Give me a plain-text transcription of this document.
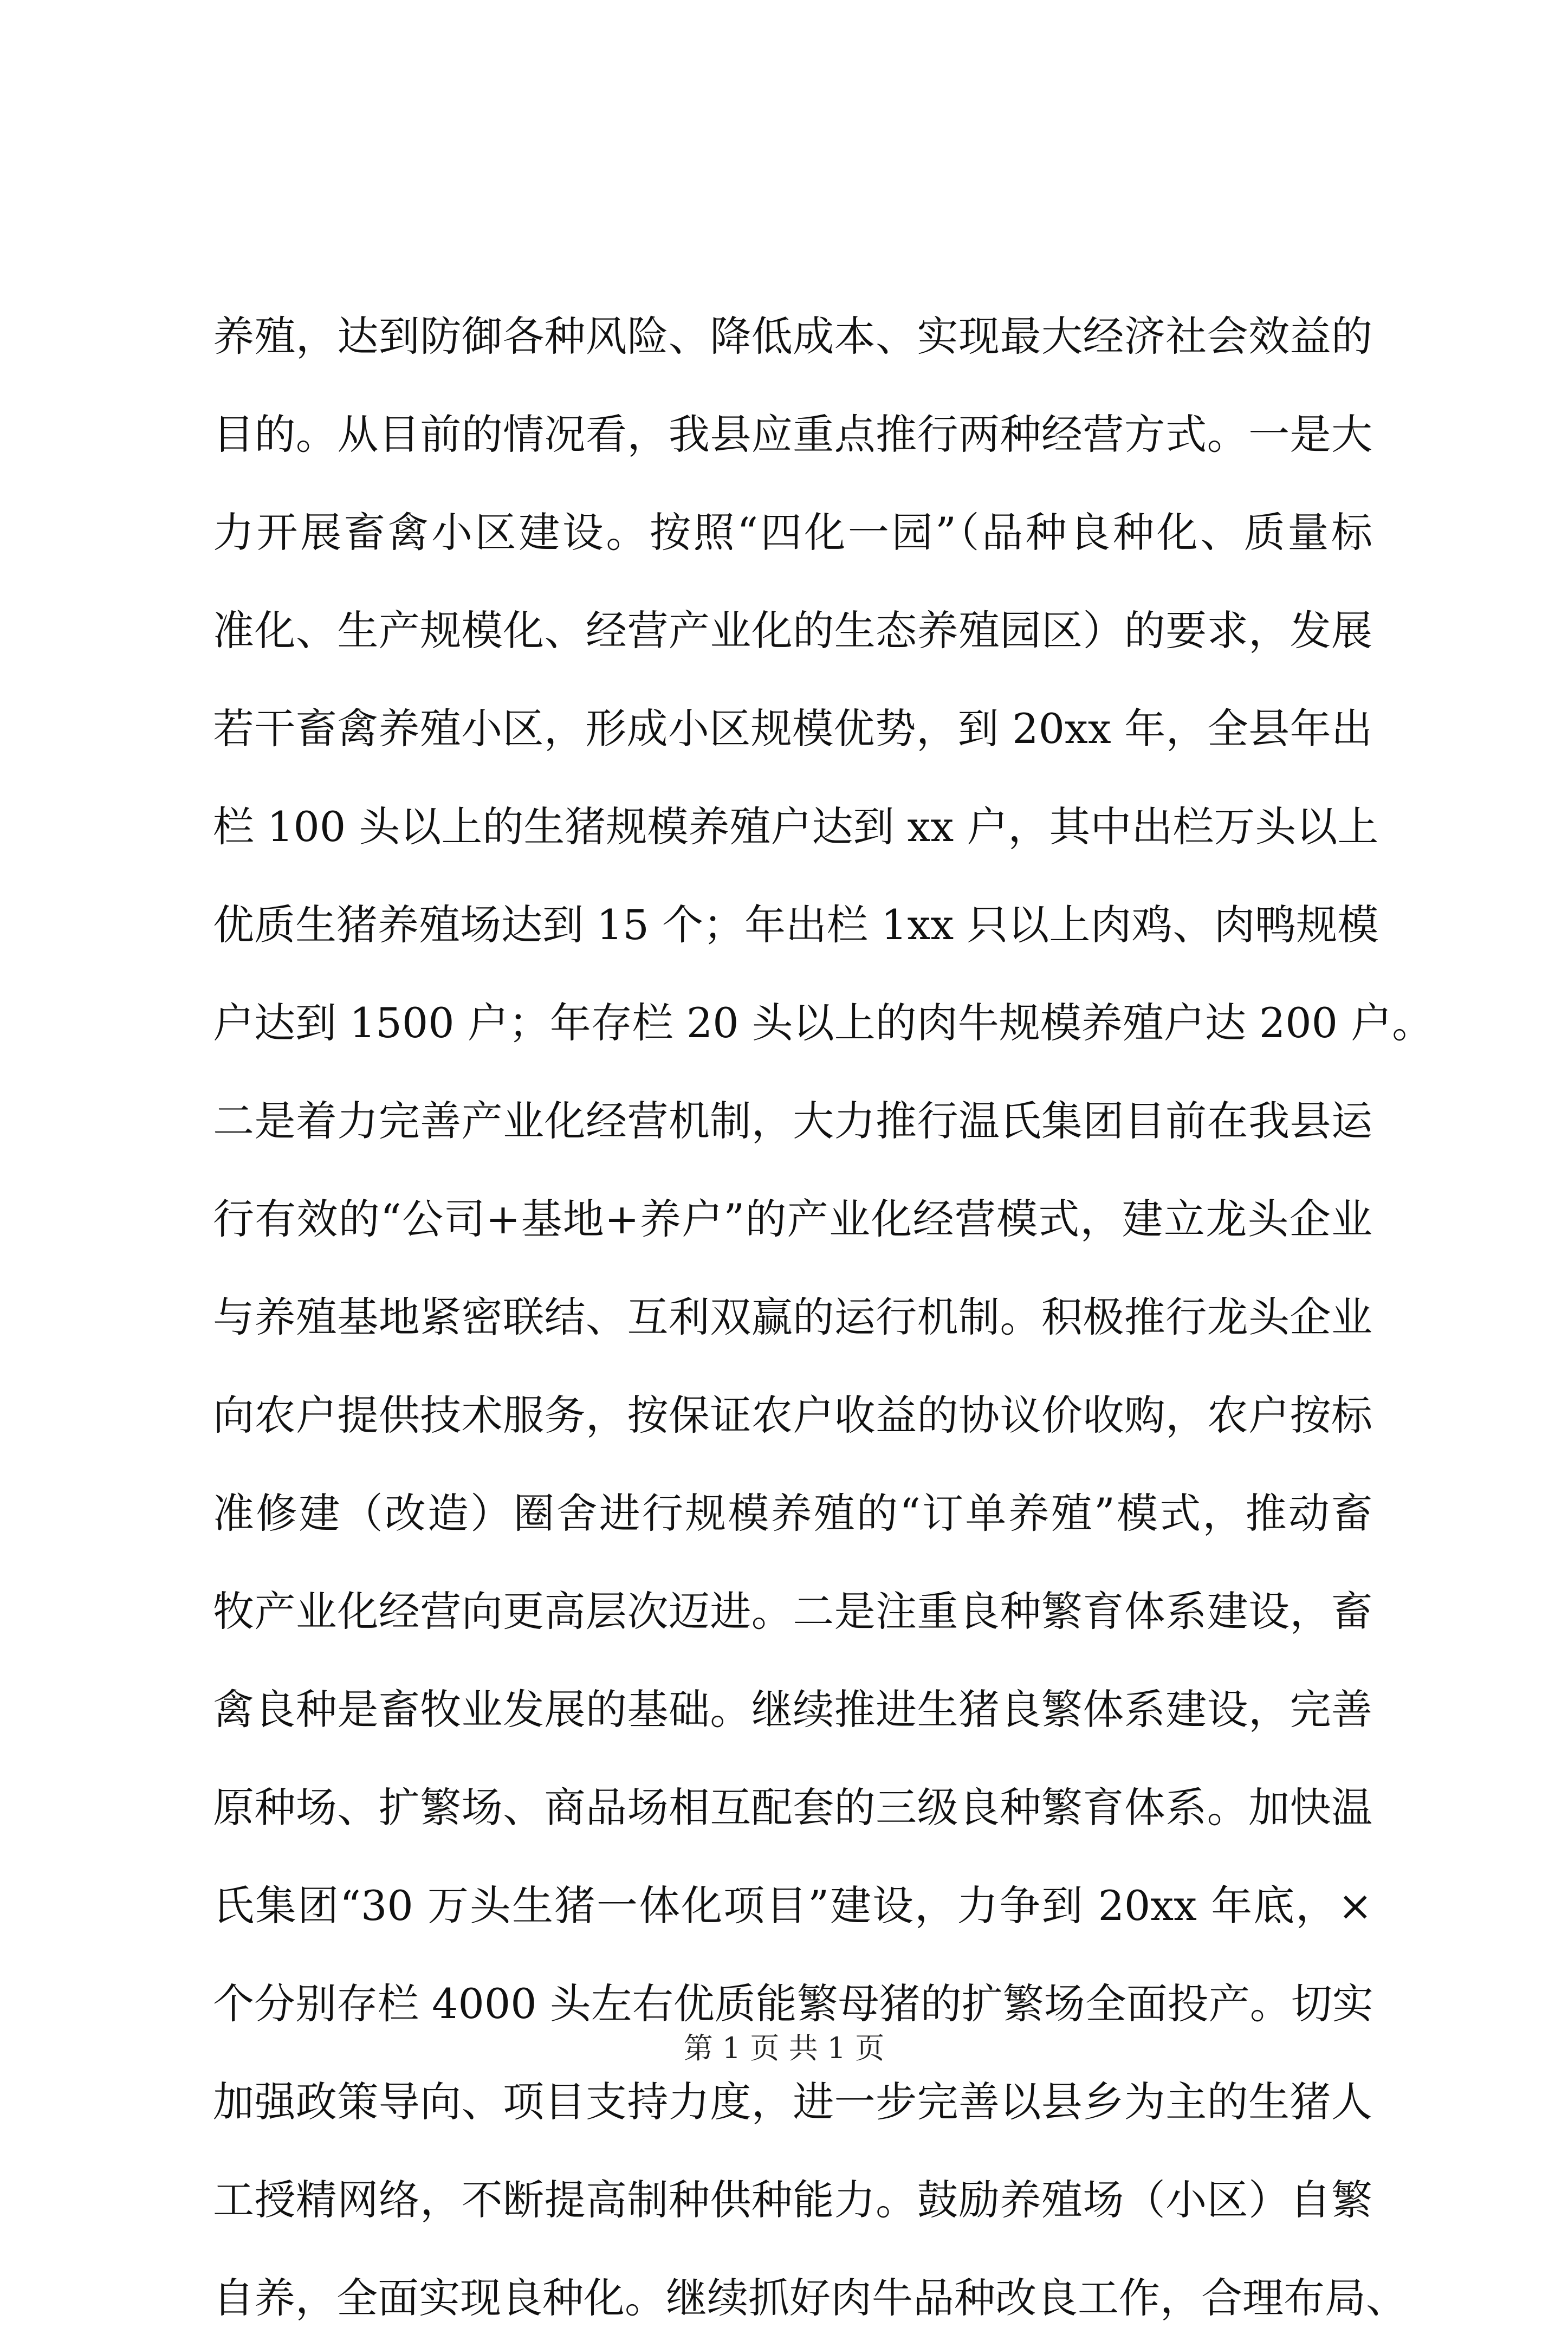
养殖，达到防御各种风险、降低成本、实现最大经济社会效益的
目的。从目前的情况看，我县应重点推行两种经营方式。一是大
力开展畜禽小区建设。按照“四化一园”（品种良种化、质量标
准化、生产规模化、经营产业化的生态养殖园区）的要求，发展
若干畜禽养殖小区，形成小区规模优势，到 20xx 年，全县年出
栏 100 头以上的生猪规模养殖户达到 xx 户，其中出栏万头以上
优质生猪养殖场达到 15 个；年出栏 1xx 只以上肉鸡、肉鸭规模
户达到 1500 户；年存栏 20 头以上的肉牛规模养殖户达 200 户。
二是着力完善产业化经营机制，大力推行温氏集团目前在我县运
行有效的“公司+基地+养户”的产业化经营模式，建立龙头企业
与养殖基地紧密联结、互利双赢的运行机制。积极推行龙头企业
向农户提供技术服务，按保证农户收益的协议价收购，农户按标
准修建（改造）圈舍进行规模养殖的“订单养殖”模式，推动畜
牧产业化经营向更高层次迈进。二是注重良种繁育体系建设，畜
禽良种是畜牧业发展的基础。继续推进生猪良繁体系建设，完善
原种场、扩繁场、商品场相互配套的三级良种繁育体系。加快温
氏集团“30 万头生猪一体化项目”建设，力争到 20xx 年底，×
个分别存栏 4000 头左右优质能繁母猪的扩繁场全面投产。切实
加强政策导向、项目支持力度，进一步完善以县乡为主的生猪人
工授精网络，不断提高制种供种能力。鼓励养殖场（小区）自繁
自养，全面实现良种化。继续抓好肉牛品种改良工作，合理布局、
第 1 页 共 1 页
